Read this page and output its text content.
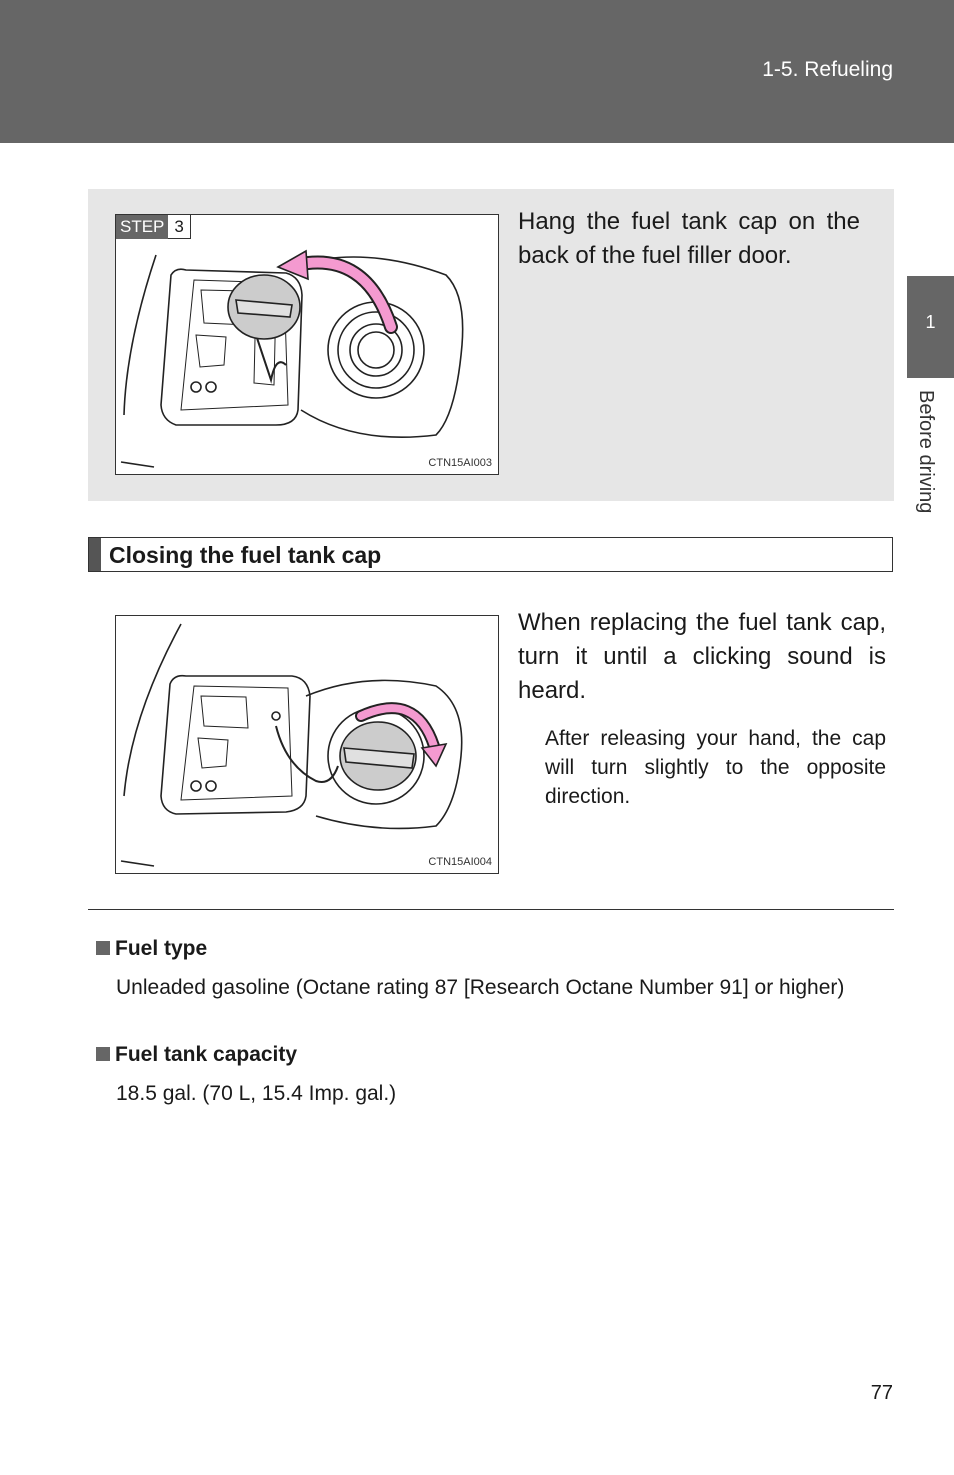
1-5. Refueling
1
Before driving
STEP 3
CTN15AI003
Hang the fuel tank cap on the back of the fuel filler door.
Closing the fuel tank cap
CTN15AI004
When replacing the fuel tank cap, turn it until a clicking sound is heard.
After releasing your hand, the cap will turn slightly to the opposite direction.
Fuel type
Unleaded gasoline (Octane rating 87 [Research Octane Number 91] or higher)
Fuel tank capacity
18.5 gal. (70 L, 15.4 Imp. gal.)
77
